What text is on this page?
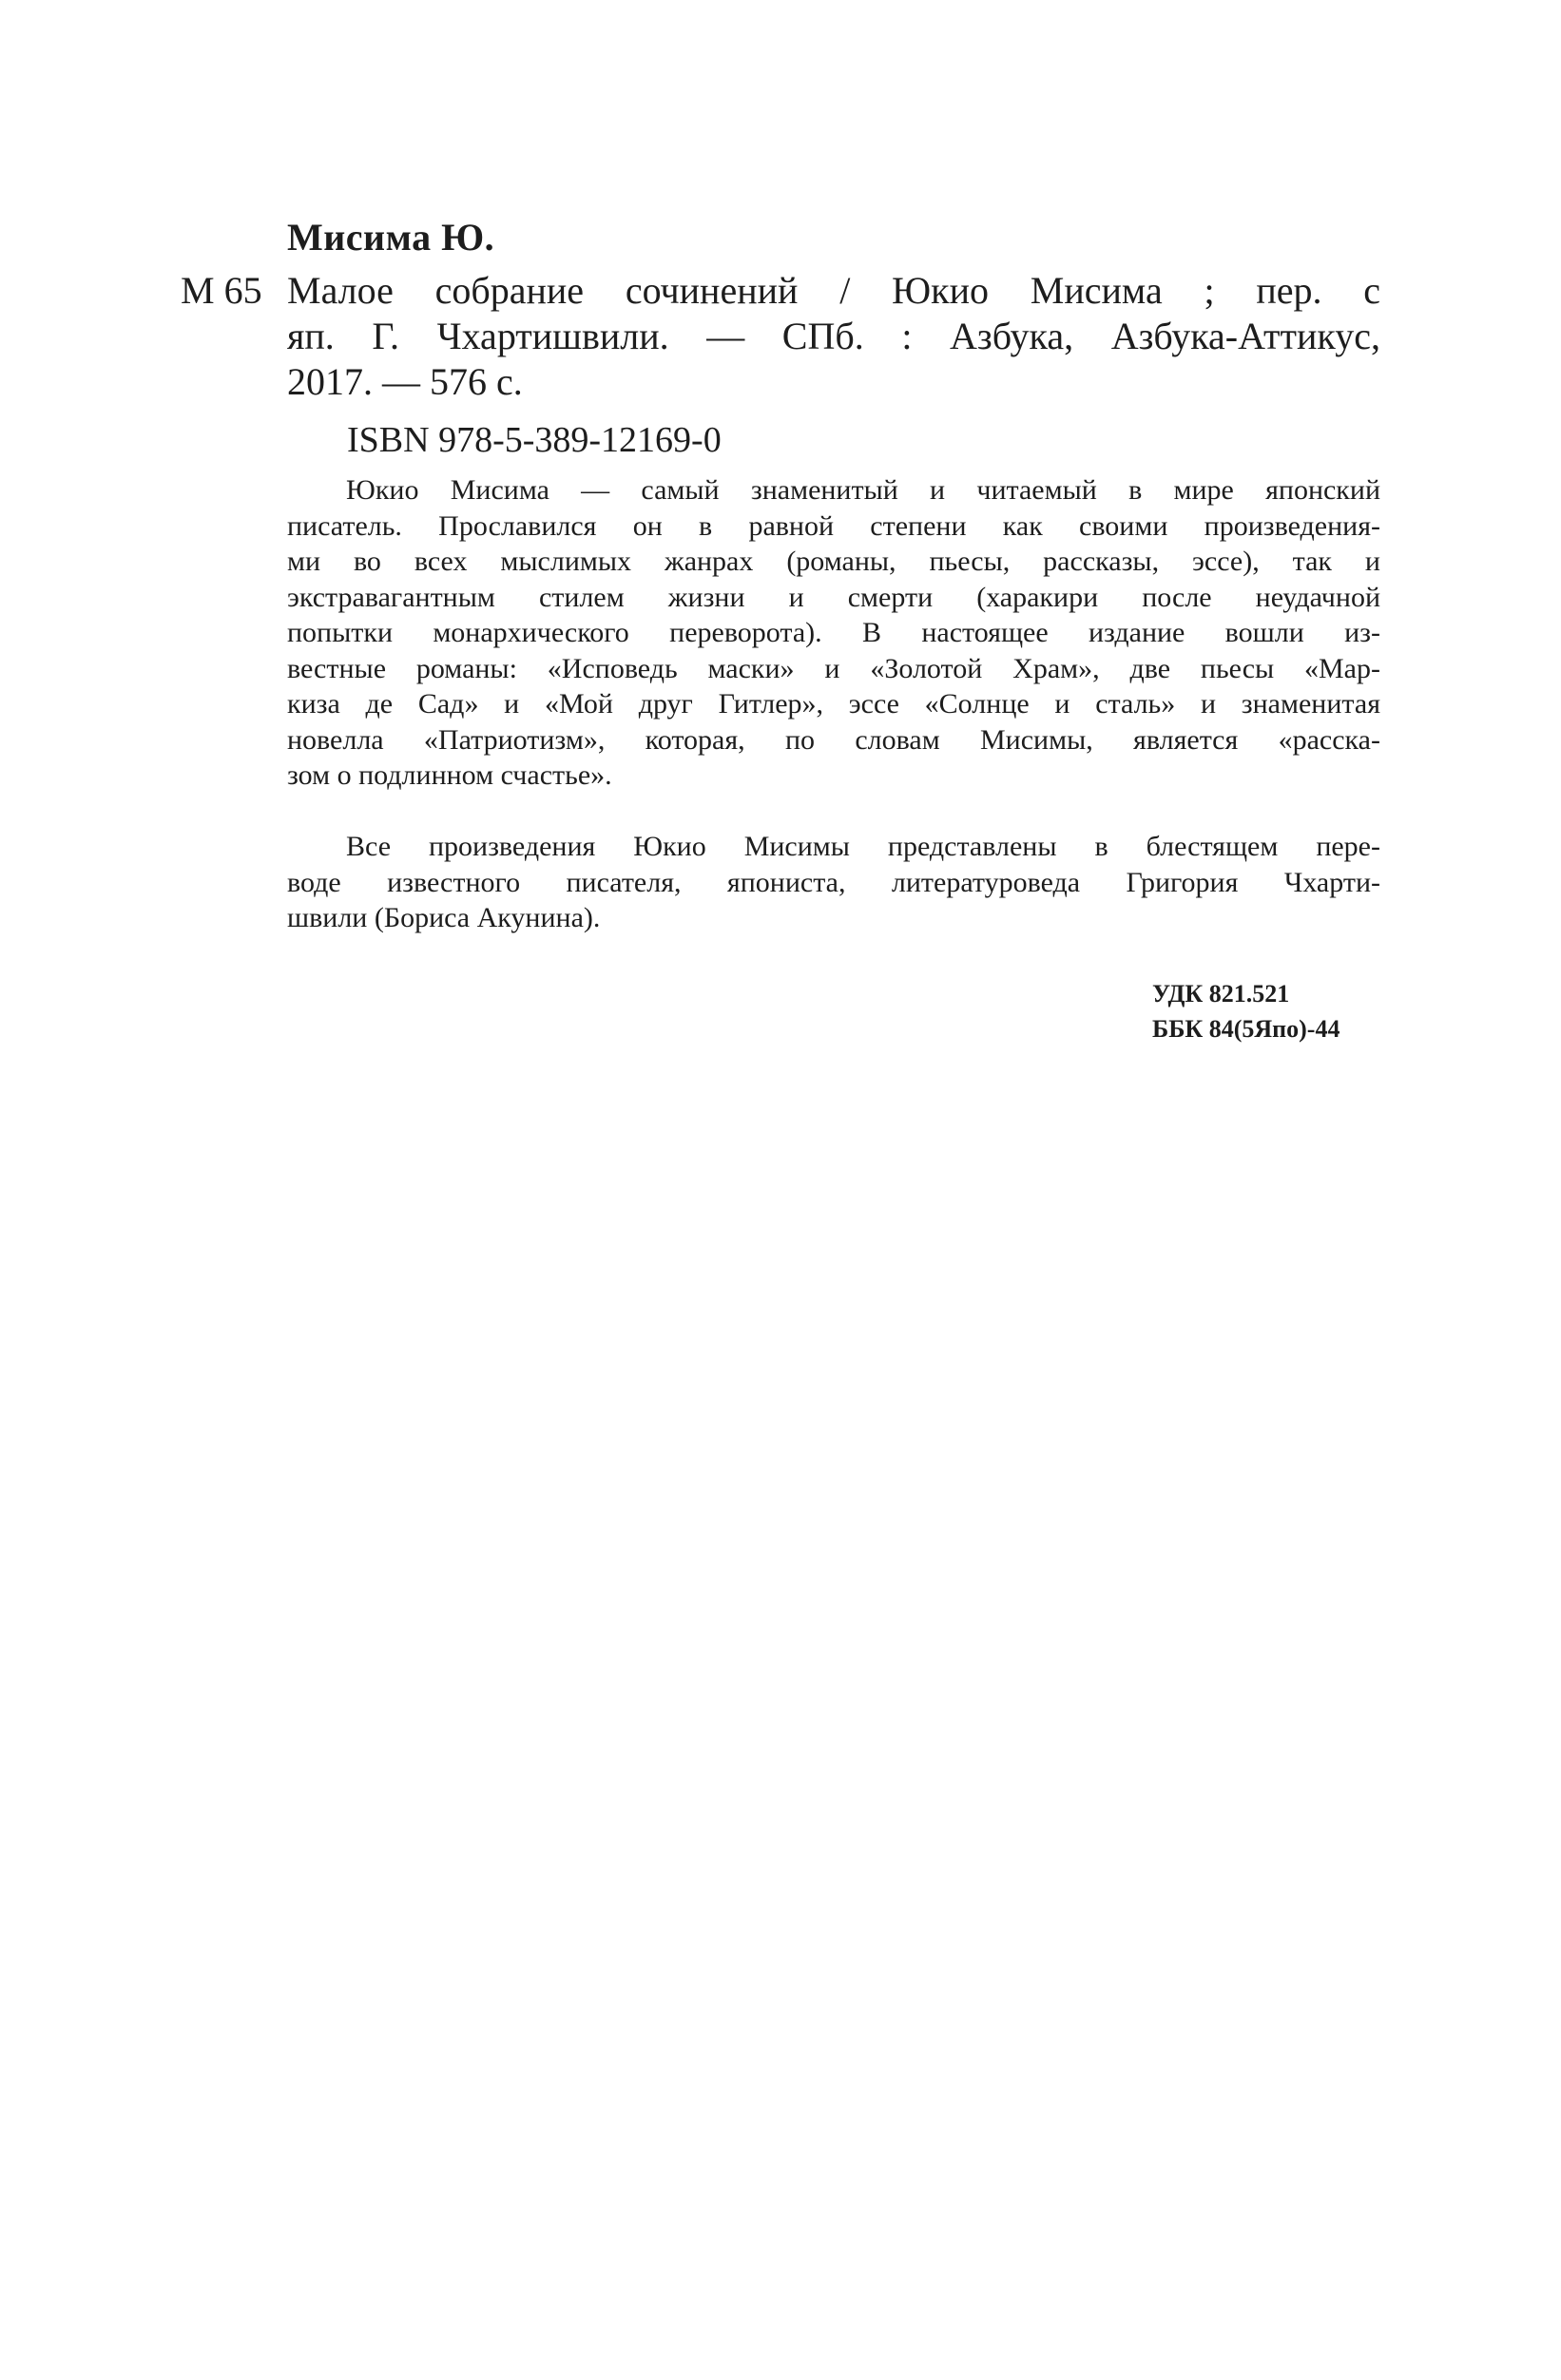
Мисима Ю.
М 65 Малое собрание сочинений / Юкио Мисима ; пер. с
яп. Г. Чхартишвили. — СПб. : Азбука, Азбука-Аттикус,
2017. — 576 с.
ISBN 978-5-389-12169-0
Юкио Мисима — самый знаменитый и читаемый в мире японский
писатель. Прославился он в равной степени как своими произведения-
ми во всех мыслимых жанрах (романы, пьесы, рассказы, эссе), так и
экстравагантным стилем жизни и смерти (харакири после неудачной
попытки монархического переворота). В настоящее издание вошли из-
вестные романы: «Исповедь маски» и «Золотой Храм», две пьесы «Мар-
киза де Сад» и «Мой друг Гитлер», эссе «Солнце и сталь» и знаменитая
новелла «Патриотизм», которая, по словам Мисимы, является «расска-
зом о подлинном счастье».
Все произведения Юкио Мисимы представлены в блестящем пере-
воде известного писателя, япониста, литературоведа Григория Чхарти-
швили (Бориса Акунина).
УДК 821.521
ББК 84(5Япо)-44
